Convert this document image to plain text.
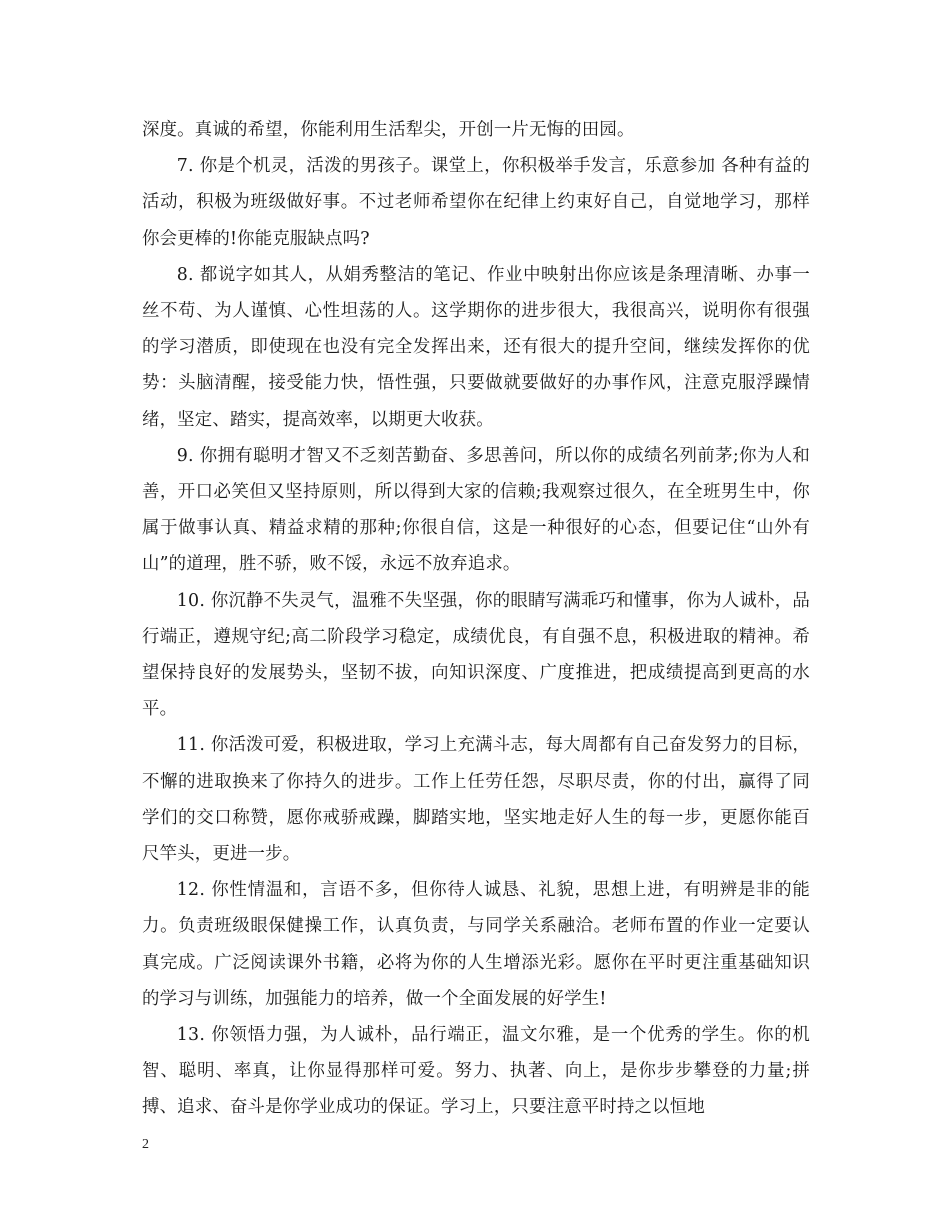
深度。真诚的希望，你能利用生活犁尖，开创一片无悔的田园。

7. 你是个机灵，活泼的男孩子。课堂上，你积极举手发言，乐意参加 各种有益的活动，积极为班级做好事。不过老师希望你在纪律上约束好自己，自觉地学习，那样你会更棒的!你能克服缺点吗?

8. 都说字如其人，从娟秀整洁的笔记、作业中映射出你应该是条理清晰、办事一丝不苟、为人谨慎、心性坦荡的人。这学期你的进步很大，我很高兴，说明你有很强的学习潜质，即使现在也没有完全发挥出来，还有很大的提升空间，继续发挥你的优势：头脑清醒，接受能力快，悟性强，只要做就要做好的办事作风，注意克服浮躁情绪，坚定、踏实，提高效率，以期更大收获。

9. 你拥有聪明才智又不乏刻苦勤奋、多思善问，所以你的成绩名列前茅;你为人和善，开口必笑但又坚持原则，所以得到大家的信赖;我观察过很久，在全班男生中，你属于做事认真、精益求精的那种;你很自信，这是一种很好的心态，但要记住“山外有山”的道理，胜不骄，败不馁，永远不放弃追求。

10. 你沉静不失灵气，温雅不失坚强，你的眼睛写满乖巧和懂事，你为人诚朴，品行端正，遵规守纪;高二阶段学习稳定，成绩优良，有自强不息，积极进取的精神。希望保持良好的发展势头，坚韧不拔，向知识深度、广度推进，把成绩提高到更高的水平。

11. 你活泼可爱，积极进取，学习上充满斗志，每大周都有自己奋发努力的目标，不懈的进取换来了你持久的进步。工作上任劳任怨，尽职尽责，你的付出，赢得了同学们的交口称赞，愿你戒骄戒躁，脚踏实地，坚实地走好人生的每一步，更愿你能百尺竿头，更进一步。

12. 你性情温和，言语不多，但你待人诚恳、礼貌，思想上进，有明辨是非的能力。负责班级眼保健操工作，认真负责，与同学关系融洽。老师布置的作业一定要认真完成。广泛阅读课外书籍，必将为你的人生增添光彩。愿你在平时更注重基础知识的学习与训练，加强能力的培养，做一个全面发展的好学生!

13. 你领悟力强，为人诚朴，品行端正，温文尔雅，是一个优秀的学生。你的机智、聪明、率真，让你显得那样可爱。努力、执著、向上，是你步步攀登的力量;拼搏、追求、奋斗是你学业成功的保证。学习上，只要注意平时持之以恒地

2
